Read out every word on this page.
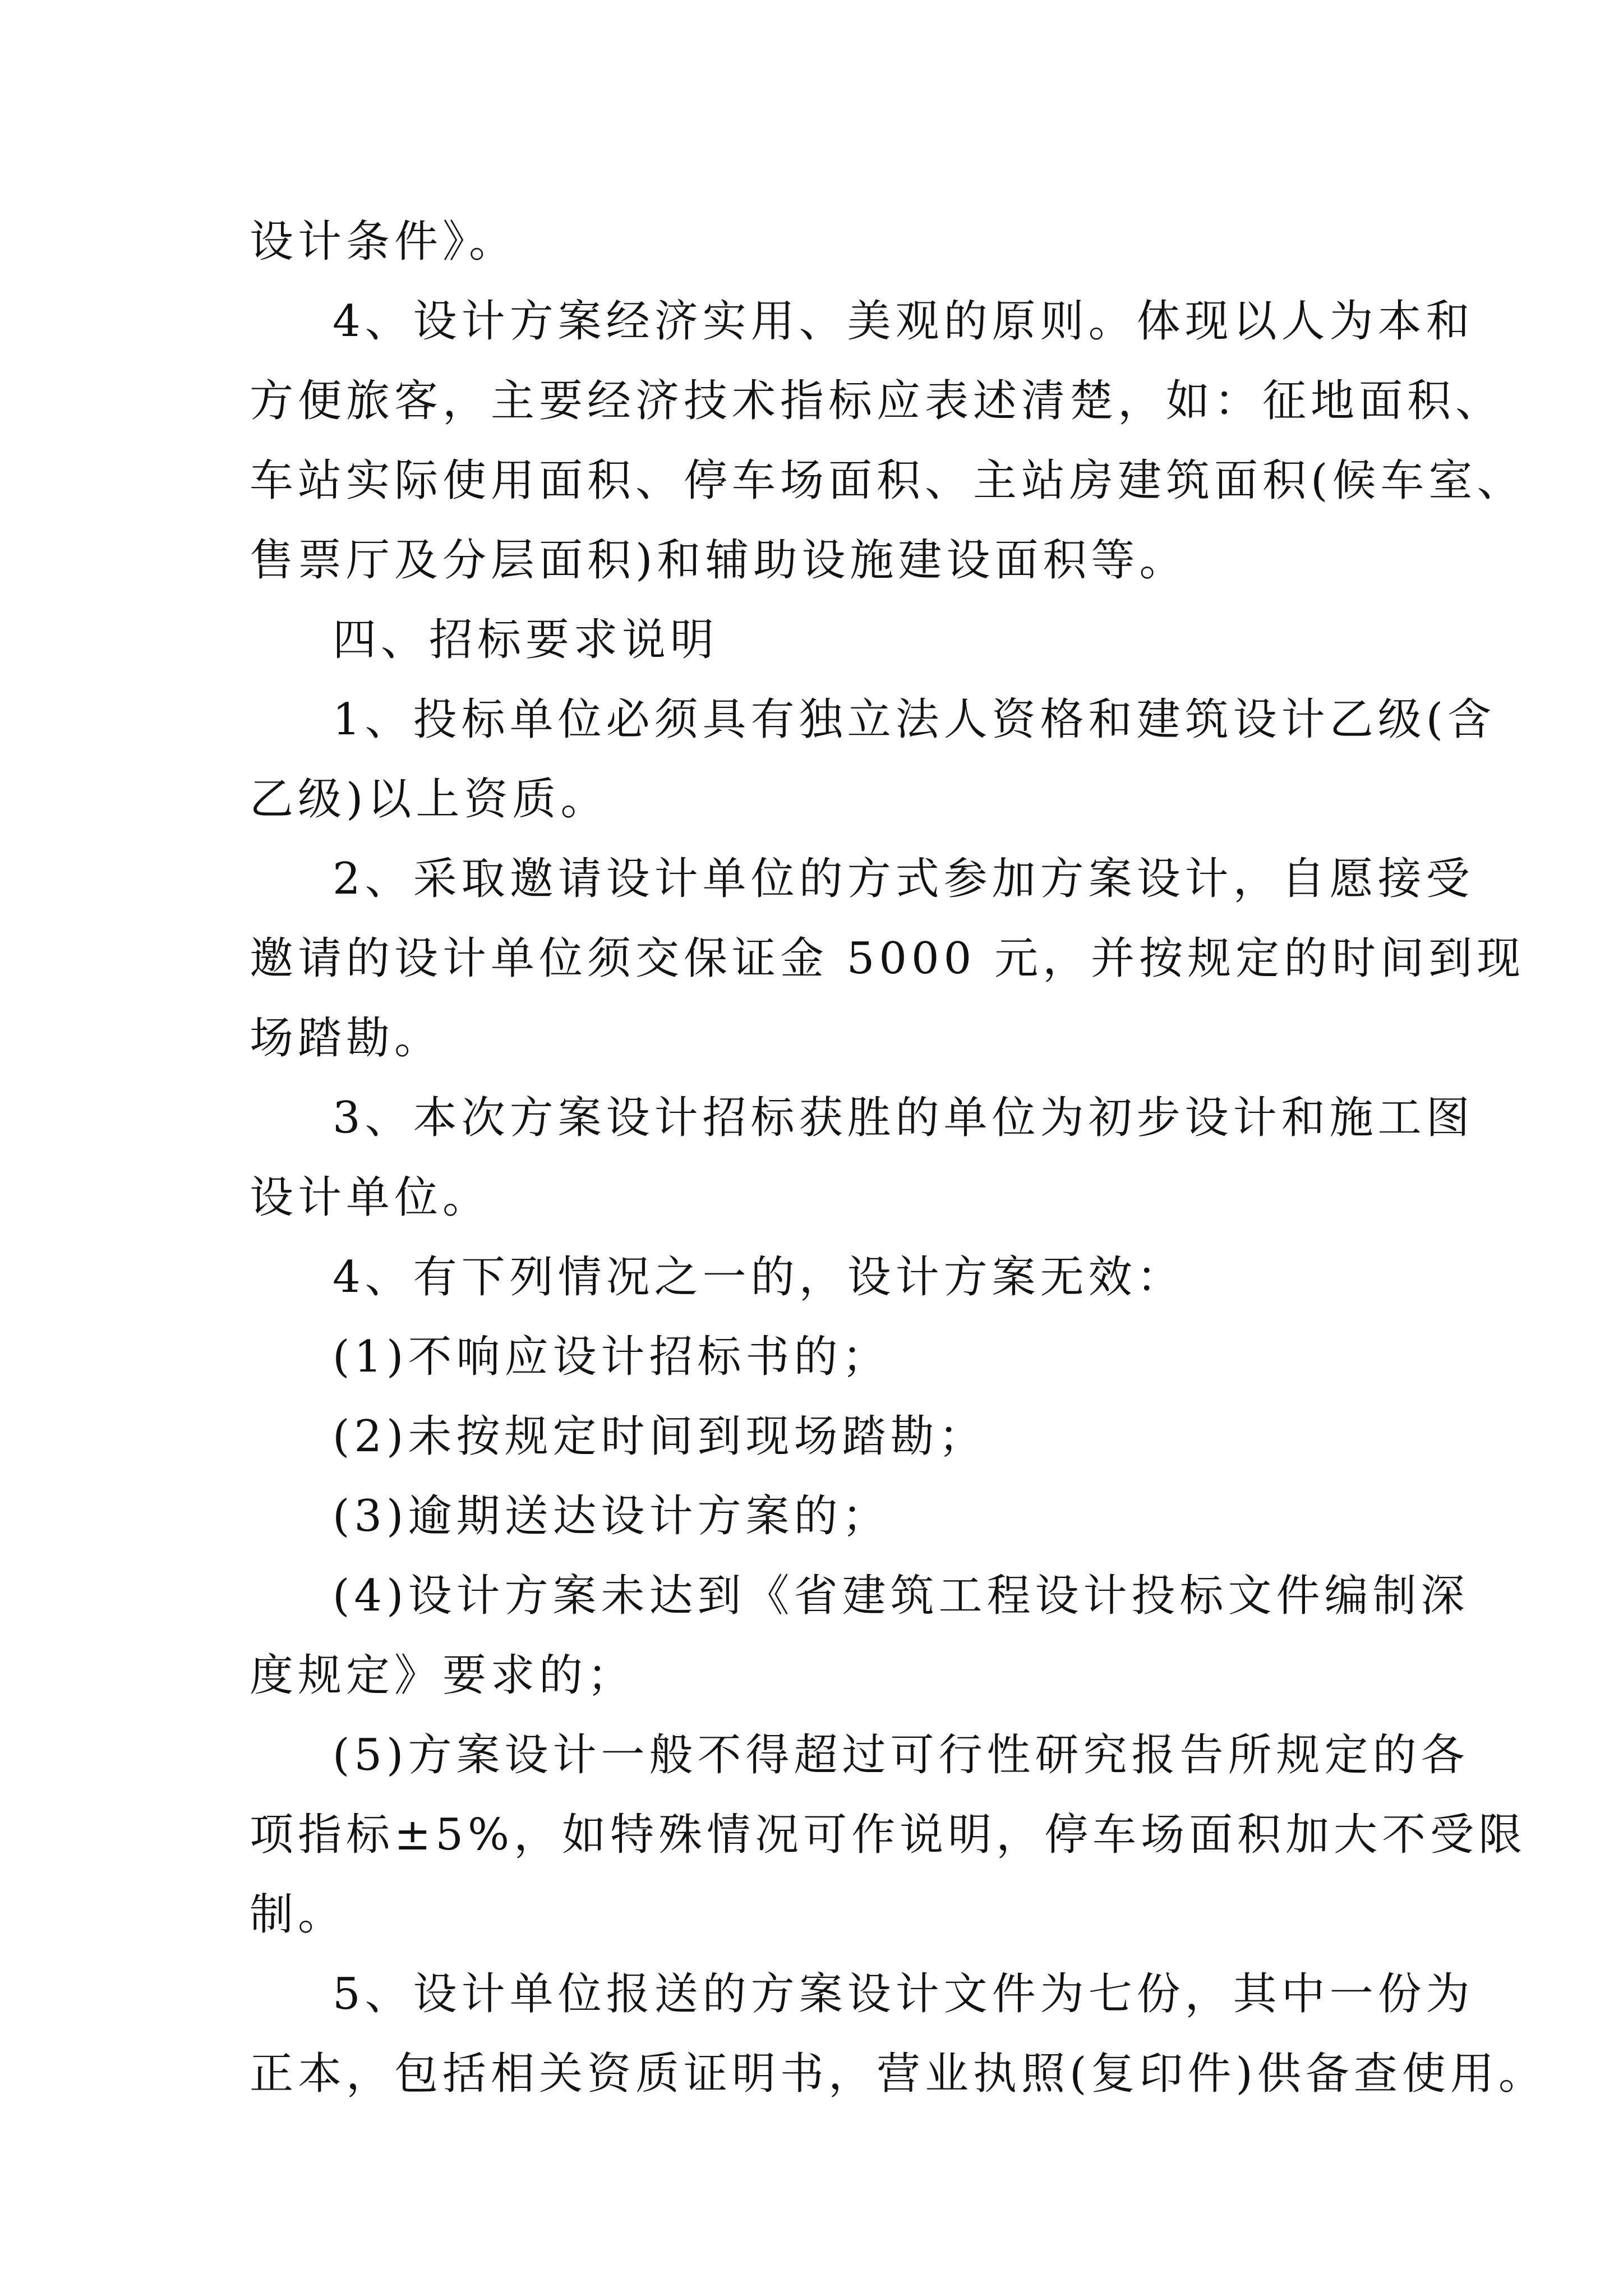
设计条件》。
4、设计方案经济实用、美观的原则。体现以人为本和
方便旅客，主要经济技术指标应表述清楚，如：征地面积、
车站实际使用面积、停车场面积、主站房建筑面积(候车室、
售票厅及分层面积)和辅助设施建设面积等。
四、招标要求说明
1、投标单位必须具有独立法人资格和建筑设计乙级(含
乙级)以上资质。
2、采取邀请设计单位的方式参加方案设计，自愿接受
邀请的设计单位须交保证金 5000 元，并按规定的时间到现
场踏勘。
3、本次方案设计招标获胜的单位为初步设计和施工图
设计单位。
4、有下列情况之一的，设计方案无效：
(1)不响应设计招标书的；
(2)未按规定时间到现场踏勘；
(3)逾期送达设计方案的；
(4)设计方案未达到《省建筑工程设计投标文件编制深
度规定》要求的；
(5)方案设计一般不得超过可行性研究报告所规定的各
项指标±5%，如特殊情况可作说明，停车场面积加大不受限
制。
5、设计单位报送的方案设计文件为七份，其中一份为
正本，包括相关资质证明书，营业执照(复印件)供备查使用。
